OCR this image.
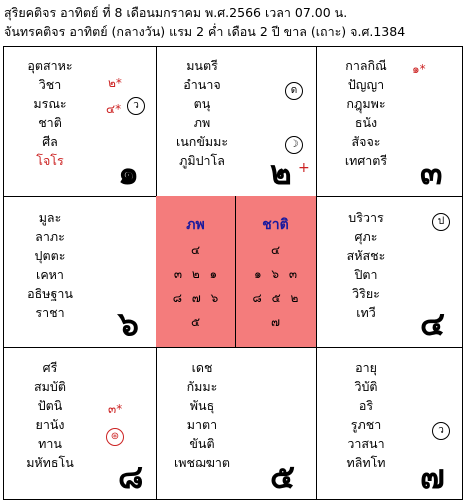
สุริยคติจร อาทิตย์ ที่ 8 เดือนมกราคม พ.ศ.2566 เวลา 07.00 น.
จันทรคติจร อาทิตย์ (กลางวัน) แรม 2 ค่ำ เดือน 2 ปี ขาล (เถาะ) จ.ศ.1384
อุตสาหะ
วิชา
มรณะ
ชาติ
ศีล
โจโร
๒*
๔*	ว
๑
มนตรี
อำนาจ
ตนุ
ภพ
เนกขัมมะ
ภูมิปาโล
ด
☽
๒ +
กาลกิณี
ปัญญา
กฎุมพะ
ธนัง
สัจจะ
เทศาตรี
๑*
๓
มูละ
ลาภะ
ปุตตะ
เคหา
อธิษฐาน
ราชา	๖
ภพ
๔
๓ ๒ ๑
๘ ๗ ๖
๕
ชาติ
๔
๑ ๖ ๓
๘ ๕ ๒
๗
บริวาร
ศุภะ
สหัสชะ
ปิตา
วิริยะ
เทวี
ป
๔
ศรี
สมบัติ
ปัตนิ
ยานัง
ทาน
มหัทธโน
๓*
⊛
๘
เดช
กัมมะ
พันธุ
มาตา
ขันติ
เพชฌฆาต	๕
อายุ
วิบัติ
อริ
รูภชา
วาสนา
ทลิทโท
ว
๗
